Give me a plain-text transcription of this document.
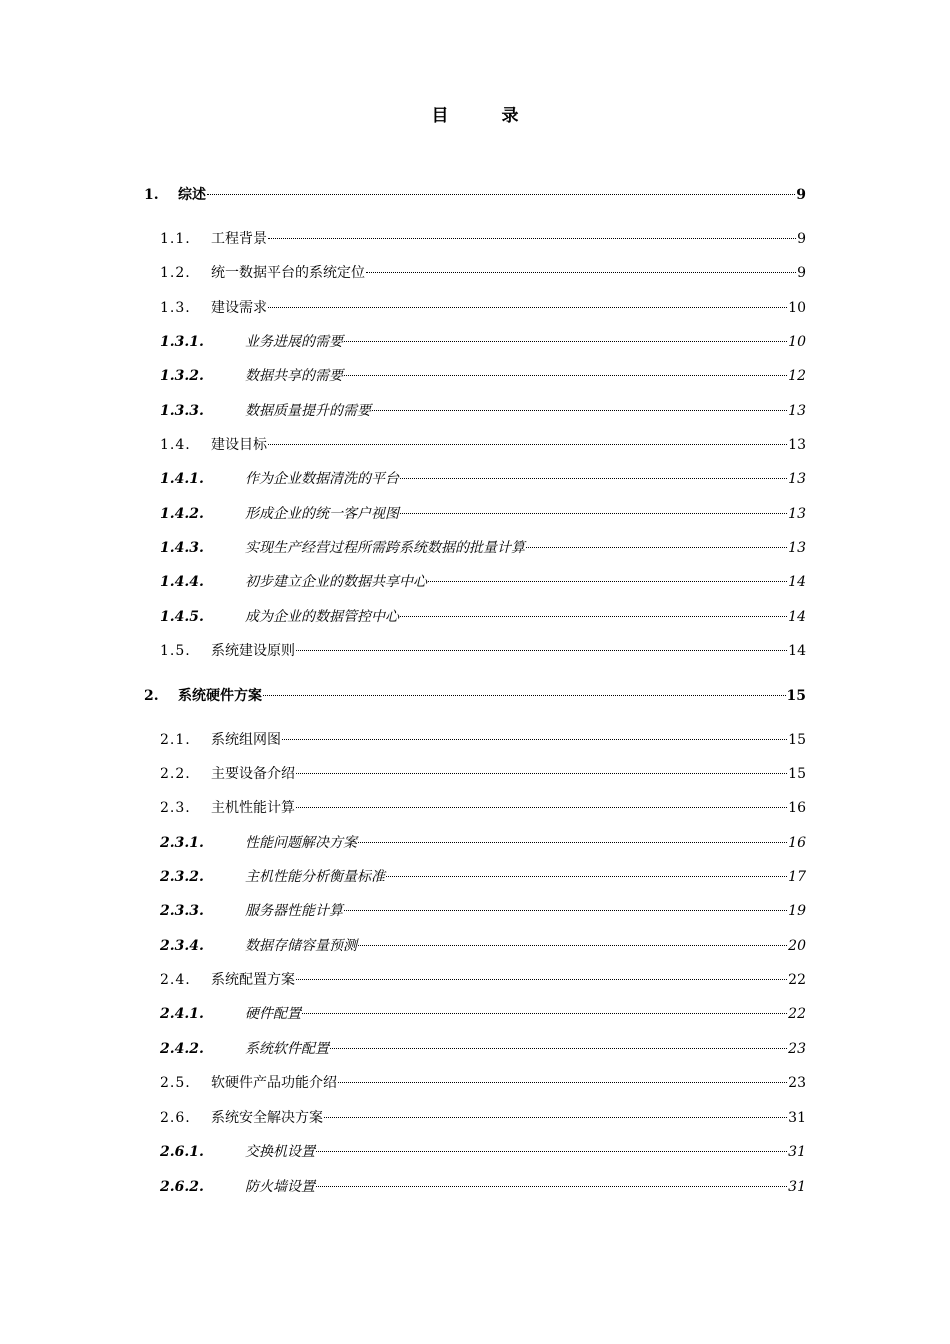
目　录
1.	综述	9
1.1.	工程背景	9
1.2.	统一数据平台的系统定位	9
1.3.	建设需求	10
1.3.1.	业务进展的需要	10
1.3.2.	数据共享的需要	12
1.3.3.	数据质量提升的需要	13
1.4.	建设目标	13
1.4.1.	作为企业数据清洗的平台	13
1.4.2.	形成企业的统一客户视图	13
1.4.3.	实现生产经营过程所需跨系统数据的批量计算	13
1.4.4.	初步建立企业的数据共享中心	14
1.4.5.	成为企业的数据管控中心	14
1.5.	系统建设原则	14
2.	系统硬件方案	15
2.1.	系统组网图	15
2.2.	主要设备介绍	15
2.3.	主机性能计算	16
2.3.1.	性能问题解决方案	16
2.3.2.	主机性能分析衡量标准	17
2.3.3.	服务器性能计算	19
2.3.4.	数据存储容量预测	20
2.4.	系统配置方案	22
2.4.1.	硬件配置	22
2.4.2.	系统软件配置	23
2.5.	软硬件产品功能介绍	23
2.6.	系统安全解决方案	31
2.6.1.	交换机设置	31
2.6.2.	防火墙设置	31
